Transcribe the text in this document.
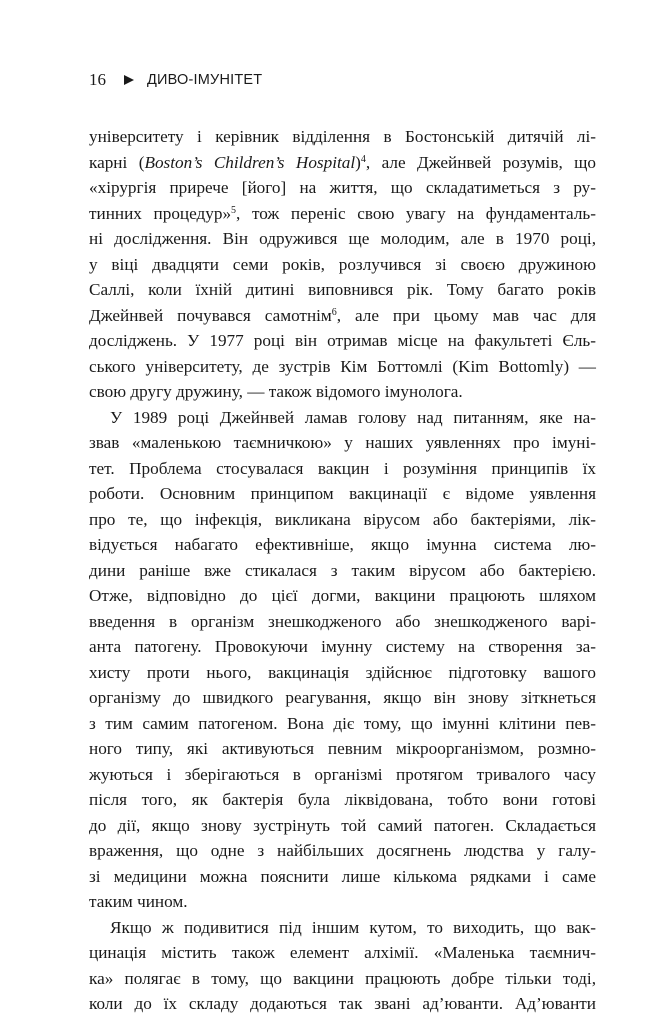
16	ДИВО-ІМУНІТЕТ
університету і керівник відділення в Бостонській дитячій лі-
карні (Boston’s Children’s Hospital)$^4$, але Джейнвей розумів, що
«хірургія приречe [його] на життя, що складатиметься з ру-
тинних процедур»$^5$, тож переніс свою увагу на фундаменталь-
ні дослідження. Він одружився ще молодим, але в 1970 році,
у віці двадцяти семи років, розлучився зі своєю дружиною
Саллі, коли їхній дитині виповнився рік. Тому багато років
Джейнвей почувався самотнім$^6$, але при цьому мав час для
досліджень. У 1977 році він отримав місце на факультеті Єль-
ського університету, де зустрів Кім Боттомлі (Kim Bottomly) —
свою другу дружину, — також відомого імунолога.
У 1989 році Джейнвей ламав голову над питанням, яке на-
звав «маленькою таємничкою» у наших уявленнях про імуні-
тет. Проблема стосувалася вакцин і розуміння принципів їх
роботи. Основним принципом вакцинації є відоме уявлення
про те, що інфекція, викликана вірусом або бактеріями, лік-
відується набагато ефективніше, якщо імунна система лю-
дини раніше вже стикалася з таким вірусом або бактерією.
Отже, відповідно до цієї догми, вакцини працюють шляхом
введення в організм знешкодженого або знешкодженого варі-
анта патогену. Провокуючи імунну систему на створення за-
хисту проти нього, вакцинація здійснює підготовку вашого
організму до швидкого реагування, якщо він знову зіткнеться
з тим самим патогеном. Вона діє тому, що імунні клітини пев-
ного типу, які активуються певним мікроорганізмом, розмно-
жуються і зберігаються в організмі протягом тривалого часу
після того, як бактерія була ліквідована, тобто вони готові
до дії, якщо знову зустрінуть той самий патоген. Складається
враження, що одне з найбільших досягнень людства у галу-
зі медицини можна пояснити лише кількома рядками і саме
таким чином.
Якщо ж подивитися під іншим кутом, то виходить, що вак-
цинація містить також елемент алхімії. «Маленька таємнич-
ка» полягає в тому, що вакцини працюють добре тільки тоді,
коли до їх складу додаються так звані ад’юванти. Ад’юванти
